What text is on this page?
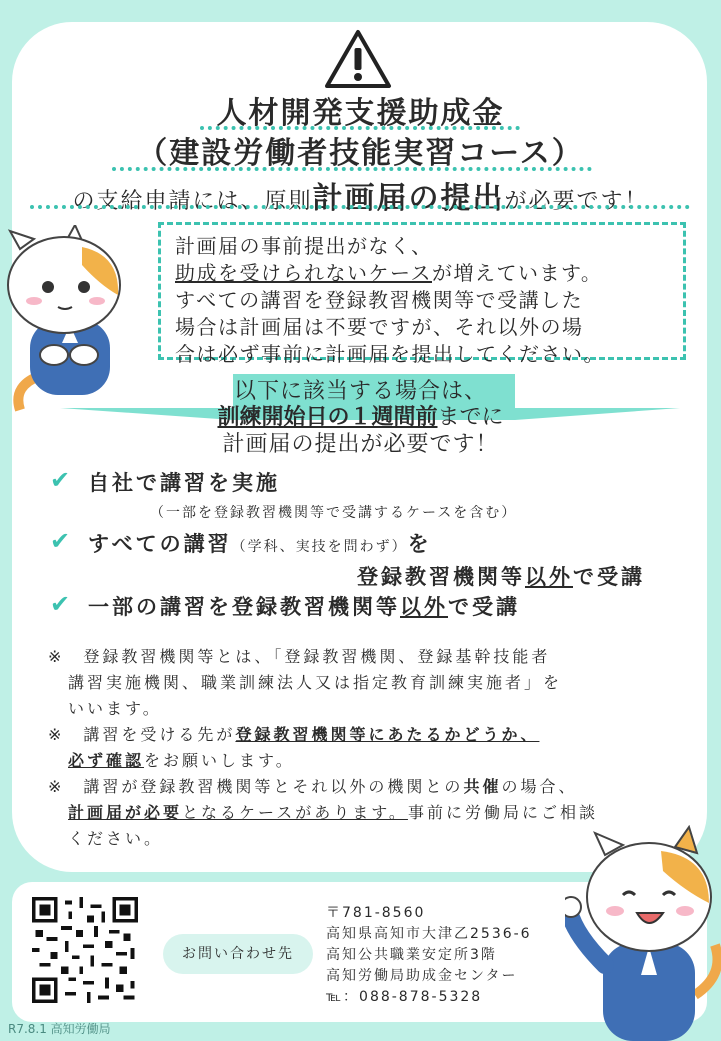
人材開発支援助成金
（建設労働者技能実習コース）
の支給申請には、原則計画届の提出が必要です！
計画届の事前提出がなく、
助成を受けられないケースが増えています。
すべての講習を登録教習機関等で受講した
場合は計画届は不要ですが、それ以外の場
合は必ず事前に計画届を提出してください。
以下に該当する場合は、
訓練開始日の１週間前までに
計画届の提出が必要です！
✔ 自社で講習を実施
（一部を登録教習機関等で受講するケースを含む）
✔ すべての講習（学科、実技を問わず）を
登録教習機関等以外で受講
✔ 一部の講習を登録教習機関等以外で受講
※　 登録教習機関等とは、「登録教習機関、登録基幹技能者
講習実施機関、職業訓練法人又は指定教育訓練実施者」を
いいます。
※　 講習を受ける先が登録教習機関等にあたるかどうか、
必ず確認をお願いします。
※　 講習が登録教習機関等とそれ以外の機関との共催の場合、
計画届が必要となるケースがあります。事前に労働局にご相談
ください。
お問い合わせ先
〒781-8560
高知県高知市大津乙2536-6
高知公共職業安定所3階
高知労働局助成金センター
℡：088-878-5328
R7.8.1 高知労働局
